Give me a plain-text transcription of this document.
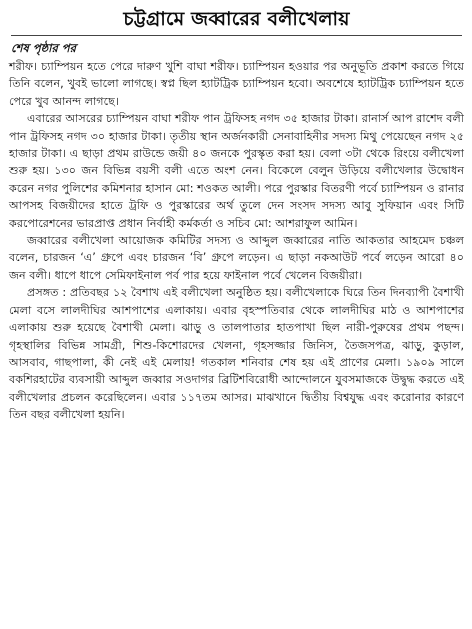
চট্টগ্রামে জব্বারের বলীখেলায়
শেষ পৃষ্ঠার পর

শরীফ। চ্যাম্পিয়ন হতে পেরে দারুণ খুশি বাঘা শরীফ। চ্যাম্পিয়ন হওয়ার পর অনুভূতি প্রকাশ করতে গিয়ে তিনি বলেন, খুবই ভালো লাগছে। স্বপ্ন ছিল হ্যাটট্রিক চ্যাম্পিয়ন হবো। অবশেষে হ্যাটট্রিক চ্যাম্পিয়ন হতে পেরে খুব আনন্দ লাগছে।

এবারের আসরের চ্যাম্পিয়ন বাঘা শরীফ পান ট্রফিসহ নগদ ৩৫ হাজার টাকা। রানার্স আপ রাশেদ বলী পান ট্রফিসহ নগদ ৩০ হাজার টাকা। তৃতীয় স্থান অর্জনকারী সেনাবাহিনীর সদস্য মিথু পেয়েছেন নগদ ২৫ হাজার টাকা। এ ছাড়া প্রথম রাউন্ডে জয়ী ৪০ জনকে পুরস্কৃত করা হয়। বেলা ৩টা থেকে রিংয়ে বলীখেলা শুরু হয়। ১৩০ জন বিভিন্ন বয়সী বলী এতে অংশ নেন। বিকেলে বেলুন উড়িয়ে বলীখেলার উদ্বোধন করেন নগর পুলিশের কমিশনার হাসান মো: শওকত আলী। পরে পুরস্কার বিতরণী পর্বে চ্যাম্পিয়ন ও রানার আপসহ বিজয়ীদের হাতে ট্রফি ও পুরস্কারের অর্থ তুলে দেন সংসদ সদস্য আবু সুফিয়ান এবং সিটি করপোরেশনের ভারপ্রাপ্ত প্রধান নির্বাহী কর্মকর্তা ও সচিব মো: আশরাফুল আমিন।

জব্বারের বলীখেলা আয়োজক কমিটির সদস্য ও আব্দুল জব্বারের নাতি আকতার আহমেদ চঞ্চল বলেন, চারজন ‘এ’ গ্রুপে এবং চারজন ‘বি’ গ্রুপে লড়েন। এ ছাড়া নকআউট পর্বে লড়েন আরো ৪০ জন বলী। ধাপে ধাপে সেমিফাইনাল পর্ব পার হয়ে ফাইনাল পর্বে খেলেন বিজয়ীরা।

প্রসঙ্গত : প্রতিবছর ১২ বৈশাখ এই বলীখেলা অনুষ্ঠিত হয়। বলীখেলাকে ঘিরে তিন দিনব্যাপী বৈশাখী মেলা বসে লালদীঘির আশপাশের এলাকায়। এবার বৃহস্পতিবার থেকে লালদীঘির মাঠ ও আশপাশের এলাকায় শুরু হয়েছে বৈশাখী মেলা। ঝাড়ু ও তালপাতার হাতপাখা ছিল নারী-পুরুষের প্রথম পছন্দ। গৃহস্থালির বিভিন্ন সামগ্রী, শিশু-কিশোরদের খেলনা, গৃহসজ্জার জিনিস, তৈজসপত্র, ঝাড়ু, কুড়াল, আসবাব, গাছপালা, কী নেই এই মেলায়! গতকাল শনিবার শেষ হয় এই প্রাণের মেলা। ১৯০৯ সালে বকশিরহাটের ব্যবসায়ী আব্দুল জব্বার সওদাগর ব্রিটিশবিরোধী আন্দোলনে যুবসমাজকে উদ্বুদ্ধ করতে এই বলীখেলার প্রচলন করেছিলেন। এবার ১১৭তম আসর। মাঝখানে দ্বিতীয় বিশ্বযুদ্ধ এবং করোনার কারণে তিন বছর বলীখেলা হয়নি।
